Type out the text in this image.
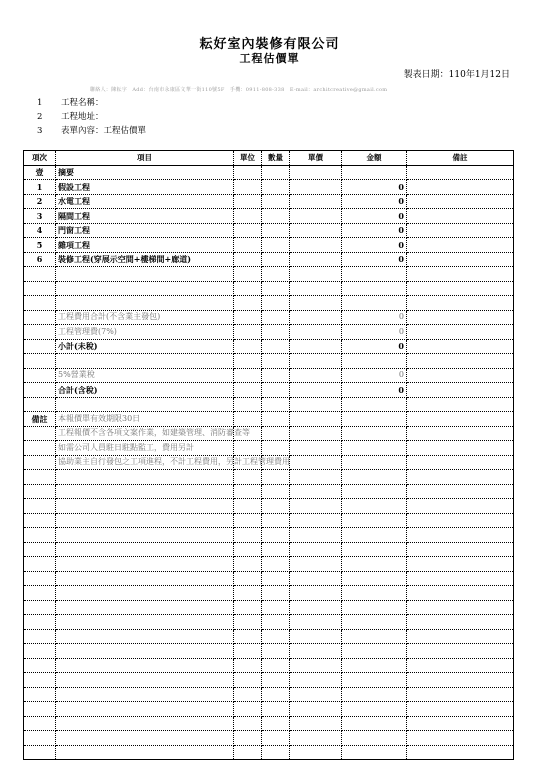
耘好室內裝修有限公司
工程估價單
製表日期：110年1月12日
聯絡人：陳耘宇　Add：台南市永康區文華一街110號5F　手機：0911-808-338　E-mail：architcreative@gmail.com
1 工程名稱：
2 工程地址：
3 表單內容：工程估價單
項次	項目	單位	數量	單價	金額	備註
壹	摘要					
1	假設工程				0	
2	水電工程				0	
3	隔間工程				0	
4	門窗工程				0	
5	雜項工程				0	
6	裝修工程(穿展示空間+樓梯間+廊道)				0	

	工程費用合計(不含業主發包)				0	
	工程管理費(7%)				0	
	小計(未稅)				0	

	5%營業稅				0	
	合計(含稅)				0	

備註	本報價單有效期限30日					
	工程報價不含各項文案作業，如建築管理、消防審查等					
	如需公司人員駐日駐點監工，費用另計					
	協助業主自行發包之工項進程，不計工程費用，另計工程管理費用					
